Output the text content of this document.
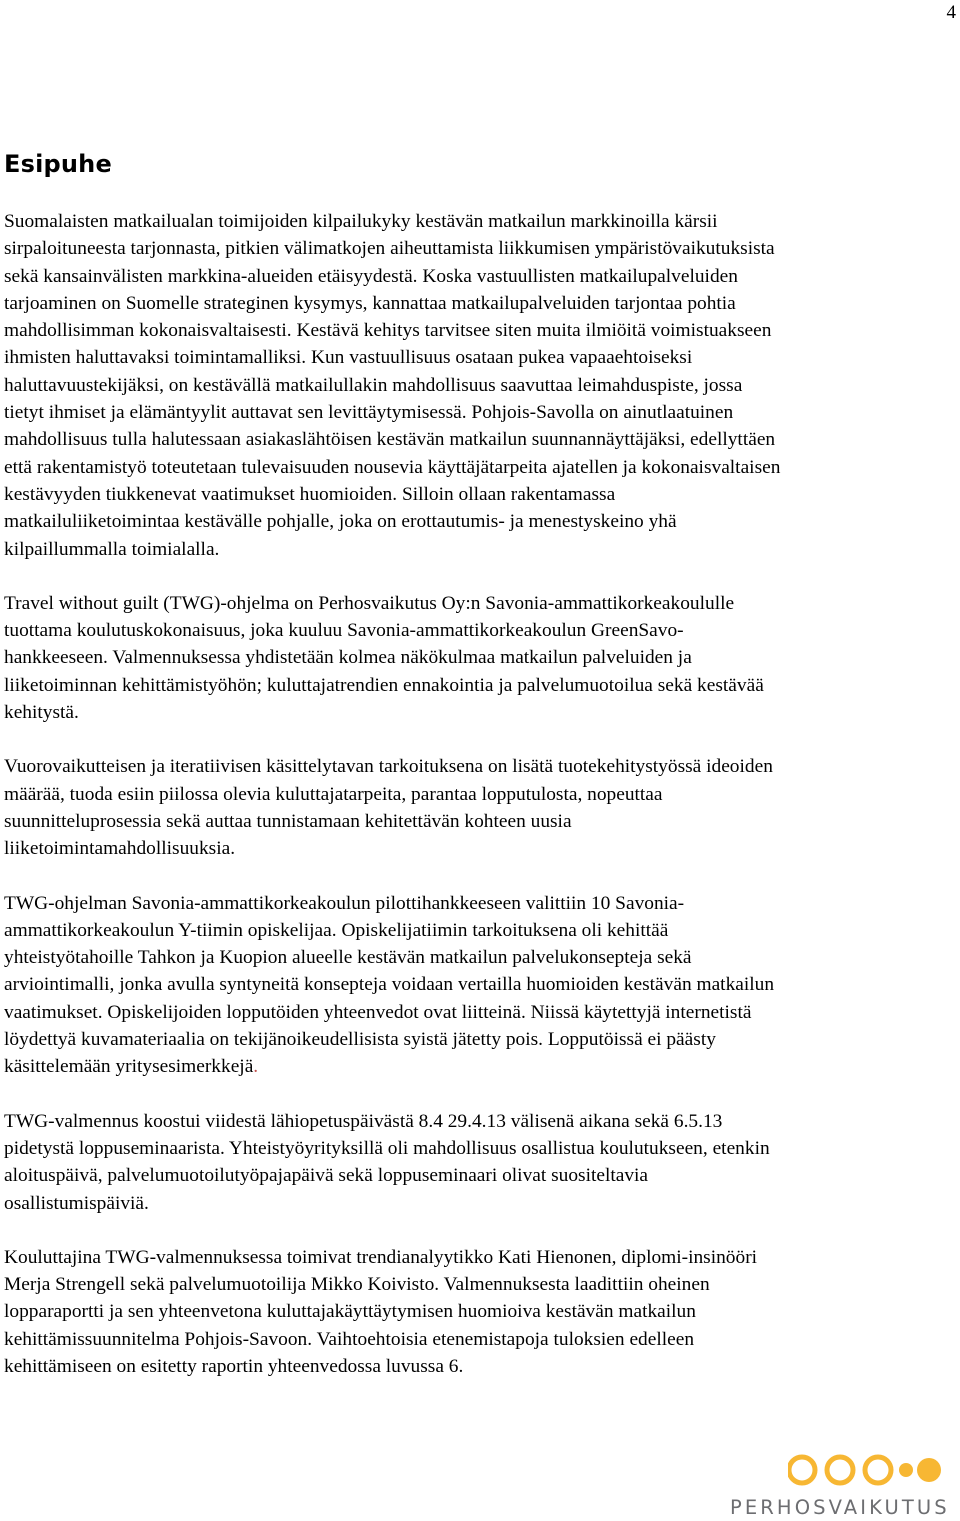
4
Esipuhe

Suomalaisten matkailualan toimijoiden kilpailukyky kestävän matkailun markkinoilla kärsii
sirpaloituneesta tarjonnasta, pitkien välimatkojen aiheuttamista liikkumisen ympäristövaikutuksista
sekä kansainvälisten markkina-alueiden etäisyydestä. Koska vastuullisten matkailupalveluiden
tarjoaminen on Suomelle strateginen kysymys, kannattaa matkailupalveluiden tarjontaa pohtia
mahdollisimman kokonaisvaltaisesti. Kestävä kehitys tarvitsee siten muita ilmiöitä voimistuakseen
ihmisten haluttavaksi toimintamalliksi. Kun vastuullisuus osataan pukea vapaaehtoiseksi
haluttavuustekijäksi, on kestävällä matkailullakin mahdollisuus saavuttaa leimahduspiste, jossa
tietyt ihmiset ja elämäntyylit auttavat sen levittäytymisessä. Pohjois-Savolla on ainutlaatuinen
mahdollisuus tulla halutessaan asiakaslähtöisen kestävän matkailun suunnannäyttäjäksi, edellyttäen
että rakentamistyö toteutetaan tulevaisuuden nousevia käyttäjätarpeita ajatellen ja kokonaisvaltaisen
kestävyyden tiukkenevat vaatimukset huomioiden. Silloin ollaan rakentamassa
matkailuliiketoimintaa kestävälle pohjalle, joka on erottautumis- ja menestyskeino yhä
kilpaillummalla toimialalla.

Travel without guilt (TWG)-ohjelma on Perhosvaikutus Oy:n Savonia-ammattikorkeakoululle
tuottama koulutuskokonaisuus, joka kuuluu Savonia-ammattikorkeakoulun GreenSavo-
hankkeeseen. Valmennuksessa yhdistetään kolmea näkökulmaa matkailun palveluiden ja
liiketoiminnan kehittämistyöhön; kuluttajatrendien ennakointia ja palvelumuotoilua sekä kestävää
kehitystä.

Vuorovaikutteisen ja iteratiivisen käsittelytavan tarkoituksena on lisätä tuotekehitystyössä ideoiden
määrää, tuoda esiin piilossa olevia kuluttajatarpeita, parantaa lopputulosta, nopeuttaa
suunnitteluprosessia sekä auttaa tunnistamaan kehitettävän kohteen uusia
liiketoimintamahdollisuuksia.

TWG-ohjelman Savonia-ammattikorkeakoulun pilottihankkeeseen valittiin 10 Savonia-
ammattikorkeakoulun Y-tiimin opiskelijaa. Opiskelijatiimin tarkoituksena oli kehittää
yhteistyötahoille Tahkon ja Kuopion alueelle kestävän matkailun palvelukonsepteja sekä
arviointimalli, jonka avulla syntyneitä konsepteja voidaan vertailla huomioiden kestävän matkailun
vaatimukset. Opiskelijoiden lopputöiden yhteenvedot ovat liitteinä. Niissä käytettyjä internetistä
löydettyä kuvamateriaalia on tekijänoikeudellisista syistä jätetty pois. Lopputöissä ei päästy
käsittelemään yritysesimerkkejä.

TWG-valmennus koostui viidestä lähiopetuspäivästä 8.4 29.4.13 välisenä aikana sekä 6.5.13
pidetystä loppuseminaarista. Yhteistyöyrityksillä oli mahdollisuus osallistua koulutukseen, etenkin
aloituspäivä, palvelumuotoilutyöpajapäivä sekä loppuseminaari olivat suositeltavia
osallistumispäiviä.

Kouluttajina TWG-valmennuksessa toimivat trendianalyytikko Kati Hienonen, diplomi-insinööri
Merja Strengell sekä palvelumuotoilija Mikko Koivisto. Valmennuksesta laadittiin oheinen
lopparaportti ja sen yhteenvetona kuluttajakäyttäytymisen huomioiva kestävän matkailun
kehittämissuunnitelma Pohjois-Savoon. Vaihtoehtoisia etenemistapoja tuloksien edelleen
kehittämiseen on esitetty raportin yhteenvedossa luvussa 6.

PERHOSVAIKUTUS
